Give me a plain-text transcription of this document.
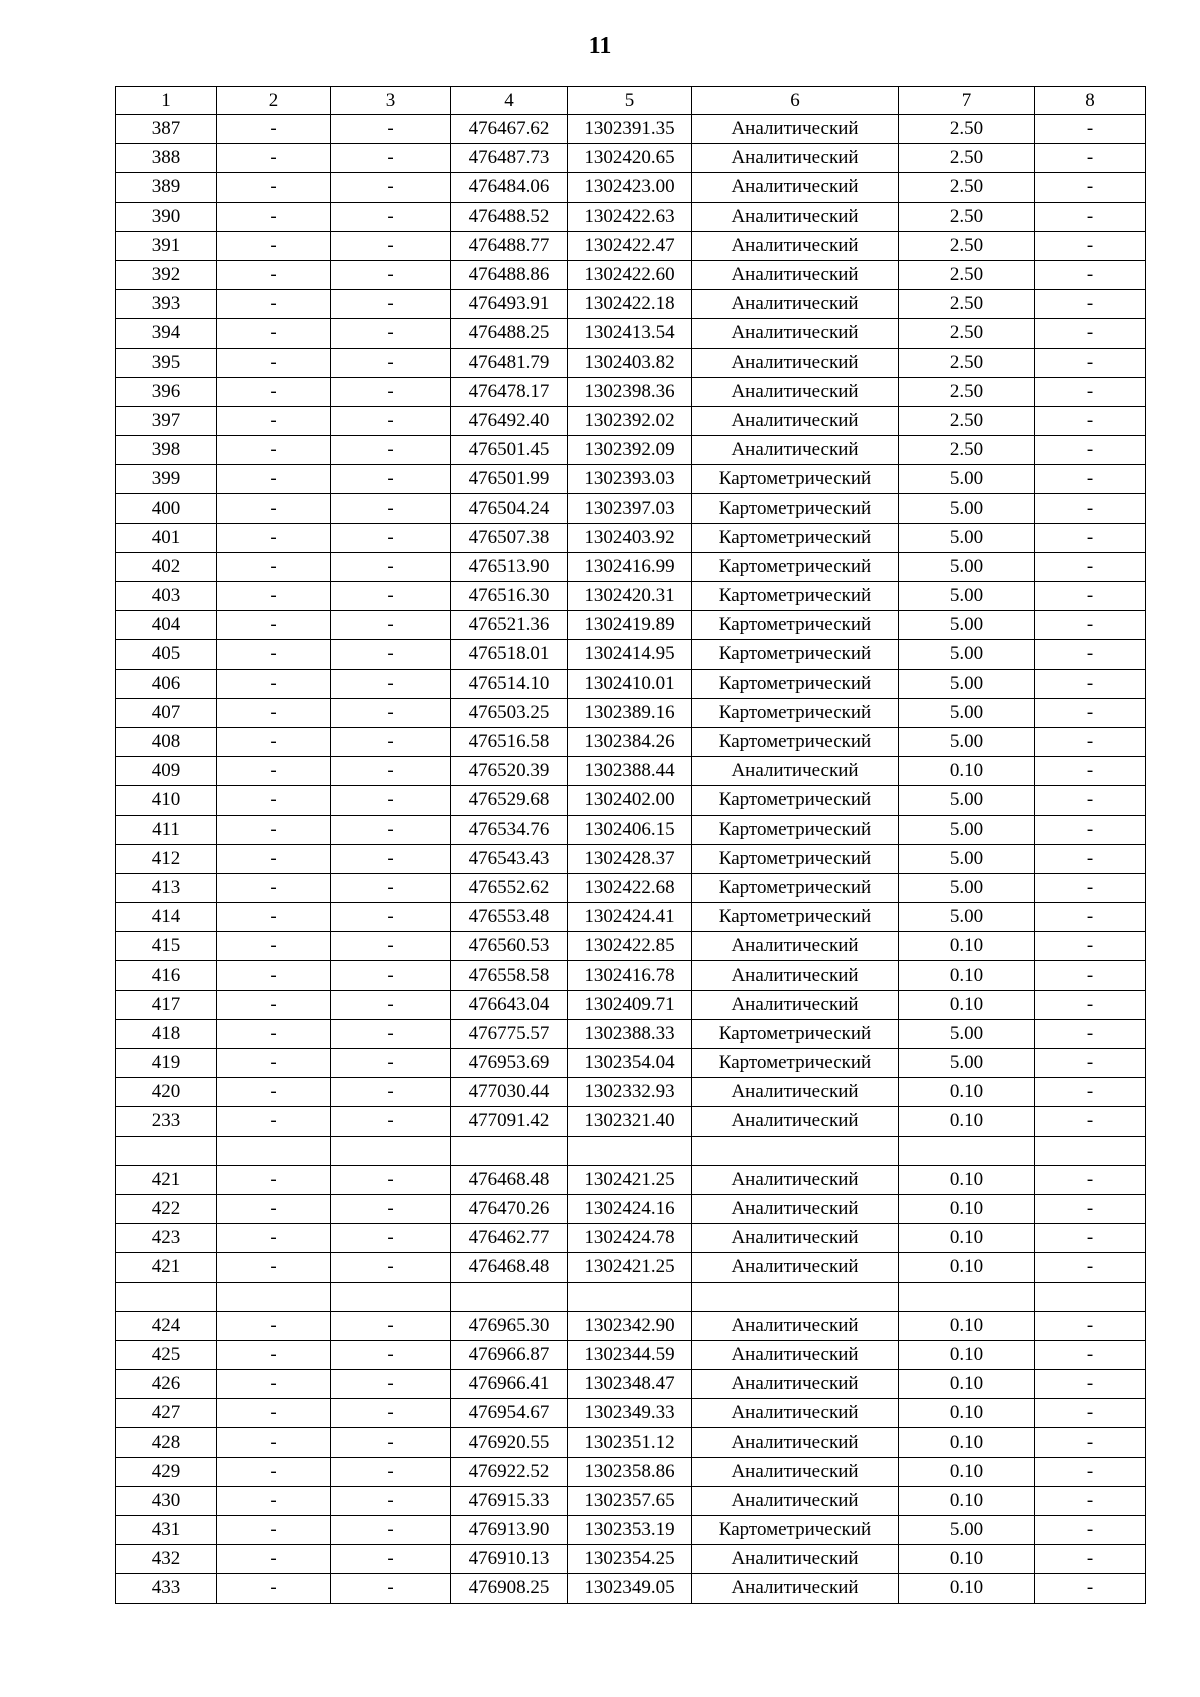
11
1	2	3	4	5	6	7	8
387	-	-	476467.62	1302391.35	Аналитический	2.50	-
388	-	-	476487.73	1302420.65	Аналитический	2.50	-
389	-	-	476484.06	1302423.00	Аналитический	2.50	-
390	-	-	476488.52	1302422.63	Аналитический	2.50	-
391	-	-	476488.77	1302422.47	Аналитический	2.50	-
392	-	-	476488.86	1302422.60	Аналитический	2.50	-
393	-	-	476493.91	1302422.18	Аналитический	2.50	-
394	-	-	476488.25	1302413.54	Аналитический	2.50	-
395	-	-	476481.79	1302403.82	Аналитический	2.50	-
396	-	-	476478.17	1302398.36	Аналитический	2.50	-
397	-	-	476492.40	1302392.02	Аналитический	2.50	-
398	-	-	476501.45	1302392.09	Аналитический	2.50	-
399	-	-	476501.99	1302393.03	Картометрический	5.00	-
400	-	-	476504.24	1302397.03	Картометрический	5.00	-
401	-	-	476507.38	1302403.92	Картометрический	5.00	-
402	-	-	476513.90	1302416.99	Картометрический	5.00	-
403	-	-	476516.30	1302420.31	Картометрический	5.00	-
404	-	-	476521.36	1302419.89	Картометрический	5.00	-
405	-	-	476518.01	1302414.95	Картометрический	5.00	-
406	-	-	476514.10	1302410.01	Картометрический	5.00	-
407	-	-	476503.25	1302389.16	Картометрический	5.00	-
408	-	-	476516.58	1302384.26	Картометрический	5.00	-
409	-	-	476520.39	1302388.44	Аналитический	0.10	-
410	-	-	476529.68	1302402.00	Картометрический	5.00	-
411	-	-	476534.76	1302406.15	Картометрический	5.00	-
412	-	-	476543.43	1302428.37	Картометрический	5.00	-
413	-	-	476552.62	1302422.68	Картометрический	5.00	-
414	-	-	476553.48	1302424.41	Картометрический	5.00	-
415	-	-	476560.53	1302422.85	Аналитический	0.10	-
416	-	-	476558.58	1302416.78	Аналитический	0.10	-
417	-	-	476643.04	1302409.71	Аналитический	0.10	-
418	-	-	476775.57	1302388.33	Картометрический	5.00	-
419	-	-	476953.69	1302354.04	Картометрический	5.00	-
420	-	-	477030.44	1302332.93	Аналитический	0.10	-
233	-	-	477091.42	1302321.40	Аналитический	0.10	-

421	-	-	476468.48	1302421.25	Аналитический	0.10	-
422	-	-	476470.26	1302424.16	Аналитический	0.10	-
423	-	-	476462.77	1302424.78	Аналитический	0.10	-
421	-	-	476468.48	1302421.25	Аналитический	0.10	-

424	-	-	476965.30	1302342.90	Аналитический	0.10	-
425	-	-	476966.87	1302344.59	Аналитический	0.10	-
426	-	-	476966.41	1302348.47	Аналитический	0.10	-
427	-	-	476954.67	1302349.33	Аналитический	0.10	-
428	-	-	476920.55	1302351.12	Аналитический	0.10	-
429	-	-	476922.52	1302358.86	Аналитический	0.10	-
430	-	-	476915.33	1302357.65	Аналитический	0.10	-
431	-	-	476913.90	1302353.19	Картометрический	5.00	-
432	-	-	476910.13	1302354.25	Аналитический	0.10	-
433	-	-	476908.25	1302349.05	Аналитический	0.10	-
